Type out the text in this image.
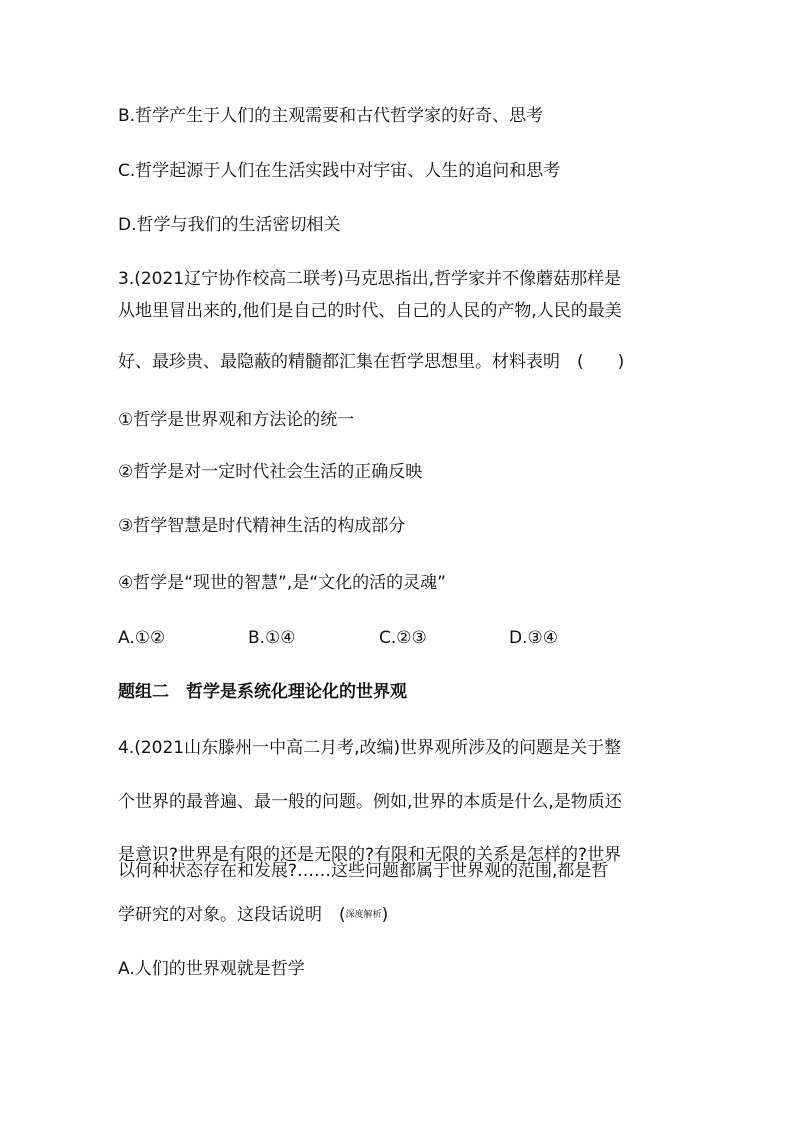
B.哲学产生于人们的主观需要和古代哲学家的好奇、思考
C.哲学起源于人们在生活实践中对宇宙、人生的追问和思考
D.哲学与我们的生活密切相关
3.(2021辽宁协作校高二联考)马克思指出,哲学家并不像蘑菇那样是
从地里冒出来的,他们是自己的时代、自己的人民的产物,人民的最美
好、最珍贵、最隐蔽的精髓都汇集在哲学思想里。材料表明　(　　)
①哲学是世界观和方法论的统一
②哲学是对一定时代社会生活的正确反映
③哲学智慧是时代精神生活的构成部分
④哲学是“现世的智慧”,是“文化的活的灵魂”
A.①②	B.①④	C.②③	D.③④
题组二　哲学是系统化理论化的世界观
4.(2021山东滕州一中高二月考,改编)世界观所涉及的问题是关于整
个世界的最普遍、最一般的问题。例如,世界的本质是什么,是物质还
是意识?世界是有限的还是无限的?有限和无限的关系是怎样的?世界
以何种状态存在和发展?……这些问题都属于世界观的范围,都是哲
学研究的对象。这段话说明　(深度解析)
A.人们的世界观就是哲学
